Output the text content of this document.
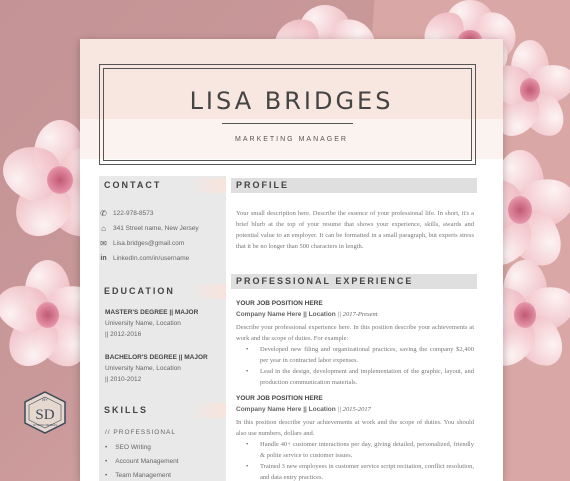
LISA BRIDGES
MARKETING MANAGER
CONTACT
✆ 122-978-8573
⌂	341 Street name, New Jersey
✉ Lisa.bridges@gmail.com
in LinkedIn.com/in/username
EDUCATION
MASTER'S DEGREE || MAJOR
University Name, Location
|| 2012-2016
BACHELOR'S DEGREE || MAJOR
University Name, Location
|| 2010-2012
SKILLS
// PROFESSIONAL
• SEO Writing
• Account Management
• Team Management
PROFILE
Your small description here. Describe the essence of your professional life. In short, it's a brief blurb at the top of your resume that shows your experience, skills, awards and potential value to an employer. It can be formatted in a small paragraph, but experts stress that it be no longer than 500 characters in length.
PROFESSIONAL EXPERIENCE
YOUR JOB POSITION HERE
Company Name Here || Location || 2017-Present
Describe your professional experience here. In this position describe your achievements at work and the scope of duties. For example:
• Developed new filing and organizational practices, saving the company $2,400 per year in contracted labor expenses.
• Lead in the design, development and implementation of the graphic, layout, and production communication materials.
YOUR JOB POSITION HERE
Company Name Here || Location || 2015-2017
In this position describe your achievements at work and the scope of duties. You should also use numbers, dollars and.
• Handle 40+ customer interactions per day, giving detailed, personalized, friendly & polite service to customer issues.
• Trained 3 new employees in customer service script recitation, conflict resolution, and data entry practices.
SD
MY
STUDIO DESIGN
